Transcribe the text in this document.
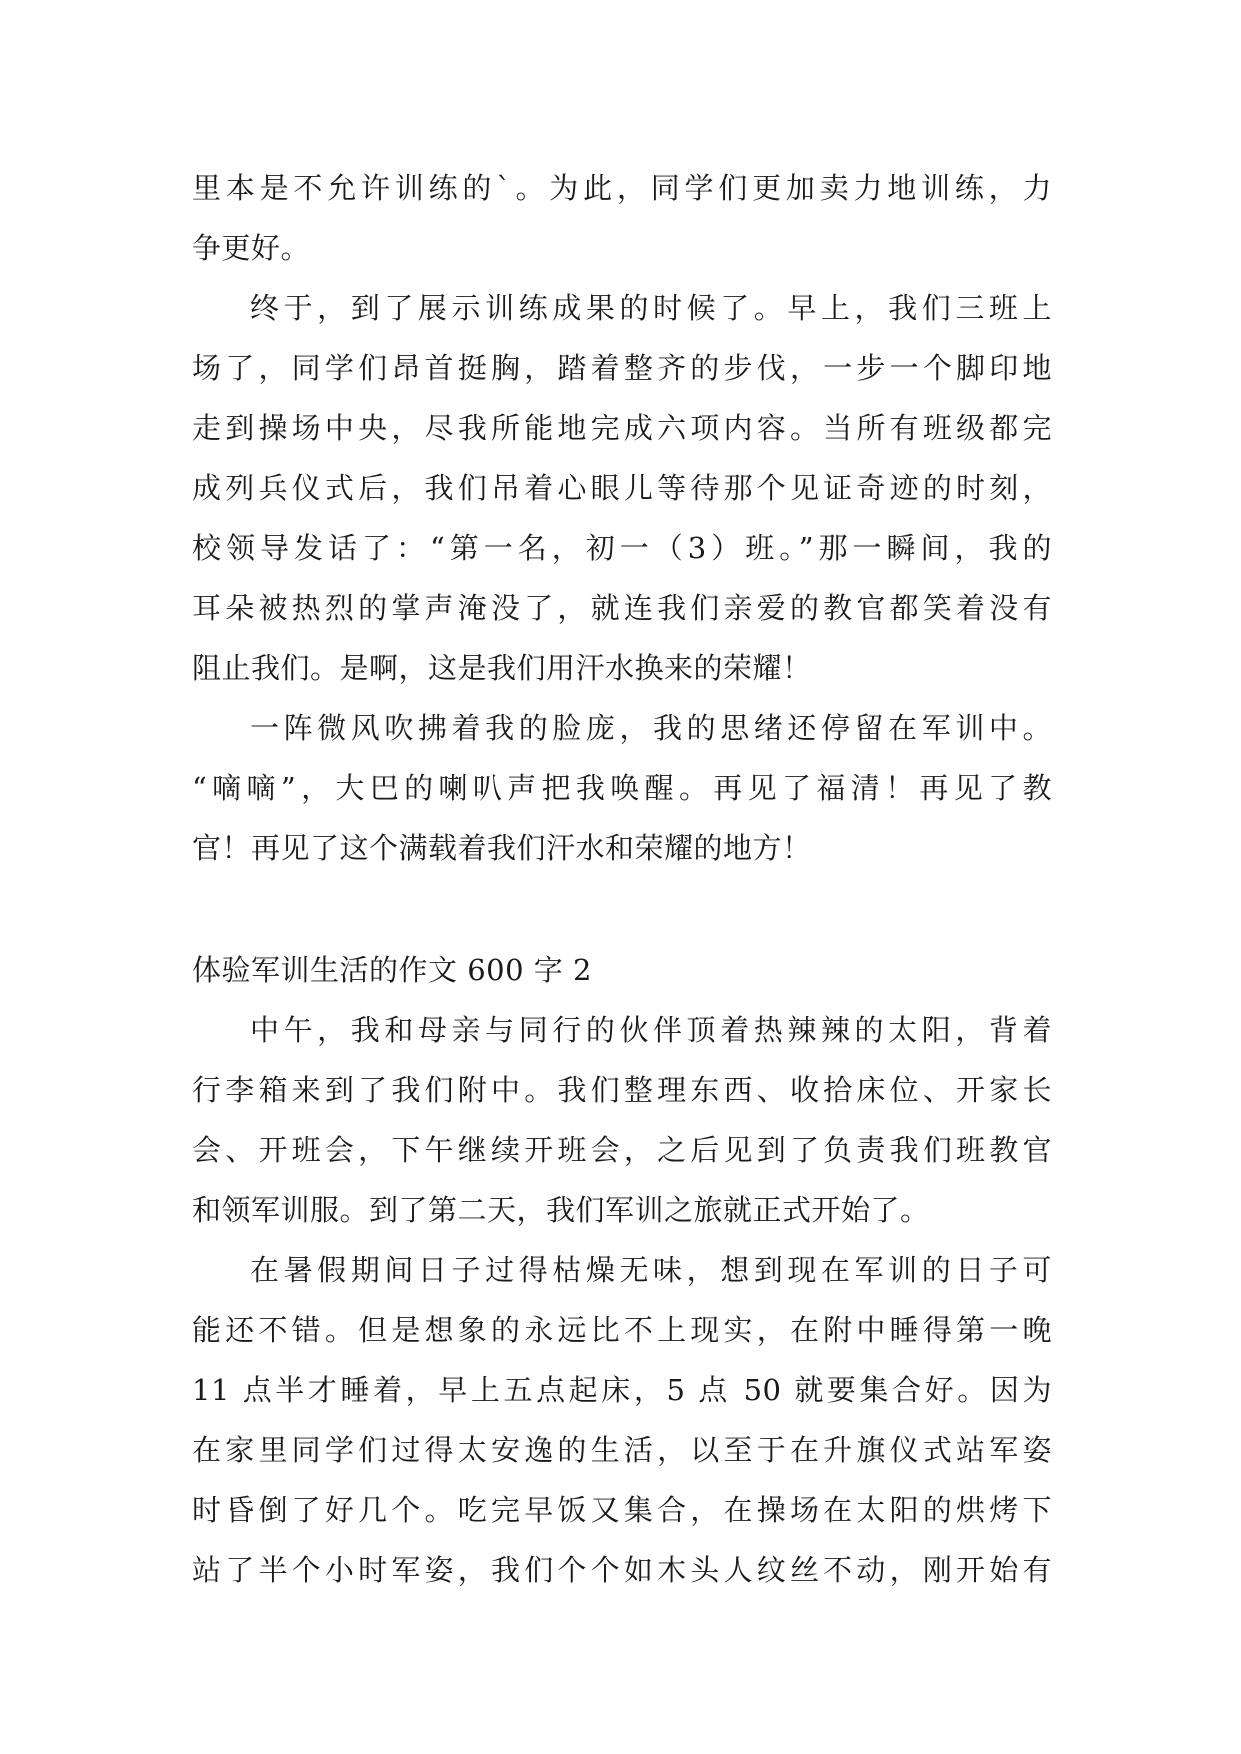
里本是不允许训练的`。为此，同学们更加卖力地训练，力
争更好。
终于，到了展示训练成果的时候了。早上，我们三班上
场了，同学们昂首挺胸，踏着整齐的步伐，一步一个脚印地
走到操场中央，尽我所能地完成六项内容。当所有班级都完
成列兵仪式后，我们吊着心眼儿等待那个见证奇迹的时刻，
校领导发话了：“第一名，初一（3）班。”那一瞬间，我的
耳朵被热烈的掌声淹没了，就连我们亲爱的教官都笑着没有
阻止我们。是啊，这是我们用汗水换来的荣耀！
一阵微风吹拂着我的脸庞，我的思绪还停留在军训中。
“嘀嘀”，大巴的喇叭声把我唤醒。再见了福清！再见了教
官！再见了这个满载着我们汗水和荣耀的地方！
体验军训生活的作文 600 字 2
中午，我和母亲与同行的伙伴顶着热辣辣的太阳，背着
行李箱来到了我们附中。我们整理东西、收拾床位、开家长
会、开班会，下午继续开班会，之后见到了负责我们班教官
和领军训服。到了第二天，我们军训之旅就正式开始了。
在暑假期间日子过得枯燥无味，想到现在军训的日子可
能还不错。但是想象的永远比不上现实，在附中睡得第一晚
11 点半才睡着，早上五点起床，5 点 50 就要集合好。因为
在家里同学们过得太安逸的生活，以至于在升旗仪式站军姿
时昏倒了好几个。吃完早饭又集合，在操场在太阳的烘烤下
站了半个小时军姿，我们个个如木头人纹丝不动，刚开始有
